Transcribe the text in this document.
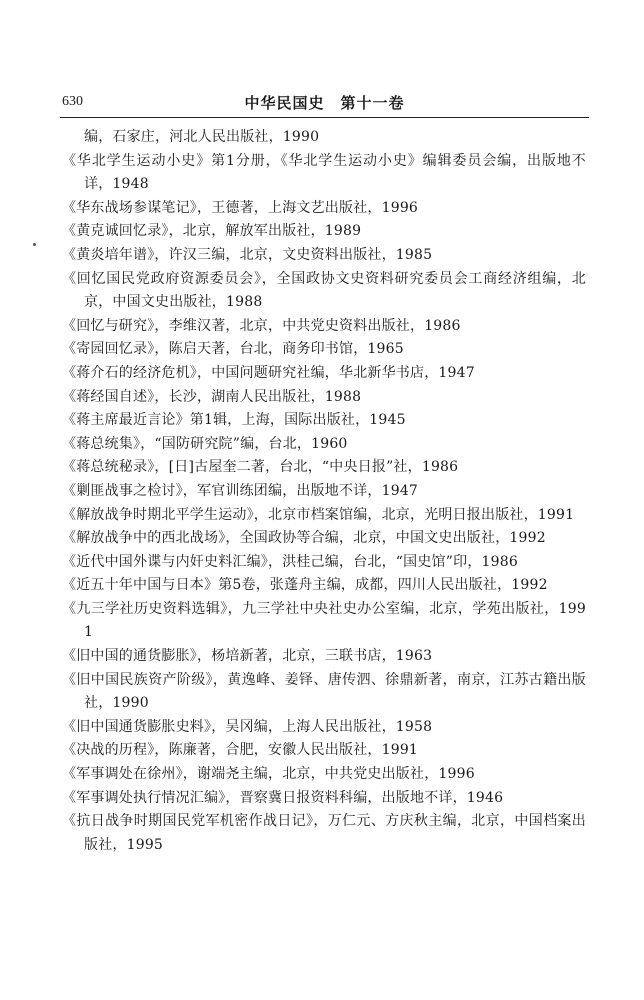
630	中华民国史　第十一卷
编，石家庄，河北人民出版社，1990
《华北学生运动小史》第1分册，《华北学生运动小史》编辑委员会编，出版地不详，1948
《华东战场参谋笔记》，王德著，上海文艺出版社，1996
《黄克诚回忆录》，北京，解放军出版社，1989
《黄炎培年谱》，许汉三编，北京，文史资料出版社，1985
《回忆国民党政府资源委员会》，全国政协文史资料研究委员会工商经济组编，北京，中国文史出版社，1988
《回忆与研究》，李维汉著，北京，中共党史资料出版社，1986
《寄园回忆录》，陈启天著，台北，商务印书馆，1965
《蒋介石的经济危机》，中国问题研究社编，华北新华书店，1947
《蒋经国自述》，长沙，湖南人民出版社，1988
《蒋主席最近言论》第1辑，上海，国际出版社，1945
《蒋总统集》，“国防研究院”编，台北，1960
《蒋总统秘录》，[日]古屋奎二著，台北，“中央日报”社，1986
《剿匪战事之检讨》，军官训练团编，出版地不详，1947
《解放战争时期北平学生运动》，北京市档案馆编，北京，光明日报出版社，1991
《解放战争中的西北战场》，全国政协等合编，北京，中国文史出版社，1992
《近代中国外谍与内奸史料汇编》，洪桂己编，台北，“国史馆”印，1986
《近五十年中国与日本》第5卷，张蓬舟主编，成都，四川人民出版社，1992
《九三学社历史资料选辑》，九三学社中央社史办公室编，北京，学苑出版社，1991
《旧中国的通货膨胀》，杨培新著，北京，三联书店，1963
《旧中国民族资产阶级》，黄逸峰、姜铎、唐传泗、徐鼎新著，南京，江苏古籍出版社，1990
《旧中国通货膨胀史料》，吴冈编，上海人民出版社，1958
《决战的历程》，陈廉著，合肥，安徽人民出版社，1991
《军事调处在徐州》，谢端尧主编，北京，中共党史出版社，1996
《军事调处执行情况汇编》，晋察冀日报资料科编，出版地不详，1946
《抗日战争时期国民党军机密作战日记》，万仁元、方庆秋主编，北京，中国档案出版社，1995
